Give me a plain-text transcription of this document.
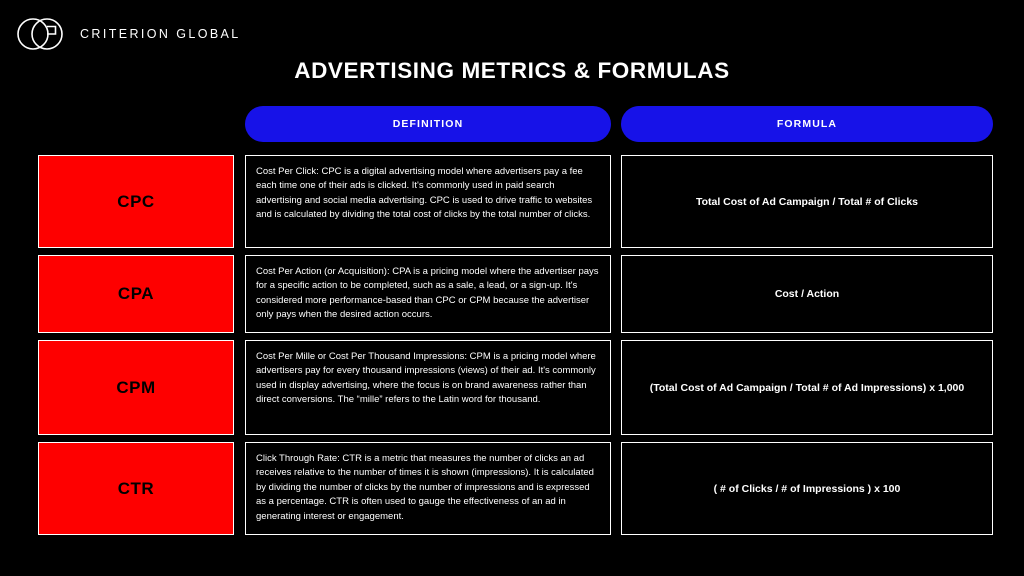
CRITERION GLOBAL
ADVERTISING METRICS & FORMULAS
DEFINITION	FORMULA
CPC
Cost Per Click: CPC is a digital advertising model where advertisers pay a fee each time one of their ads is clicked. It's commonly used in paid search advertising and social media advertising. CPC is used to drive traffic to websites and is calculated by dividing the total cost of clicks by the total number of clicks.
Total Cost of Ad Campaign / Total # of Clicks
CPA
Cost Per Action (or Acquisition): CPA is a pricing model where the advertiser pays for a specific action to be completed, such as a sale, a lead, or a sign-up. It's considered more performance-based than CPC or CPM because the advertiser only pays when the desired action occurs.
Cost / Action
CPM
Cost Per Mille or Cost Per Thousand Impressions: CPM is a pricing model where advertisers pay for every thousand impressions (views) of their ad. It's commonly used in display advertising, where the focus is on brand awareness rather than direct conversions. The “mille” refers to the Latin word for thousand.
(Total Cost of Ad Campaign / Total # of Ad Impressions) x 1,000
CTR
Click Through Rate: CTR is a metric that measures the number of clicks an ad receives relative to the number of times it is shown (impressions). It is calculated by dividing the number of clicks by the number of impressions and is expressed as a percentage. CTR is often used to gauge the effectiveness of an ad in generating interest or engagement.
( # of Clicks / # of Impressions ) x 100
